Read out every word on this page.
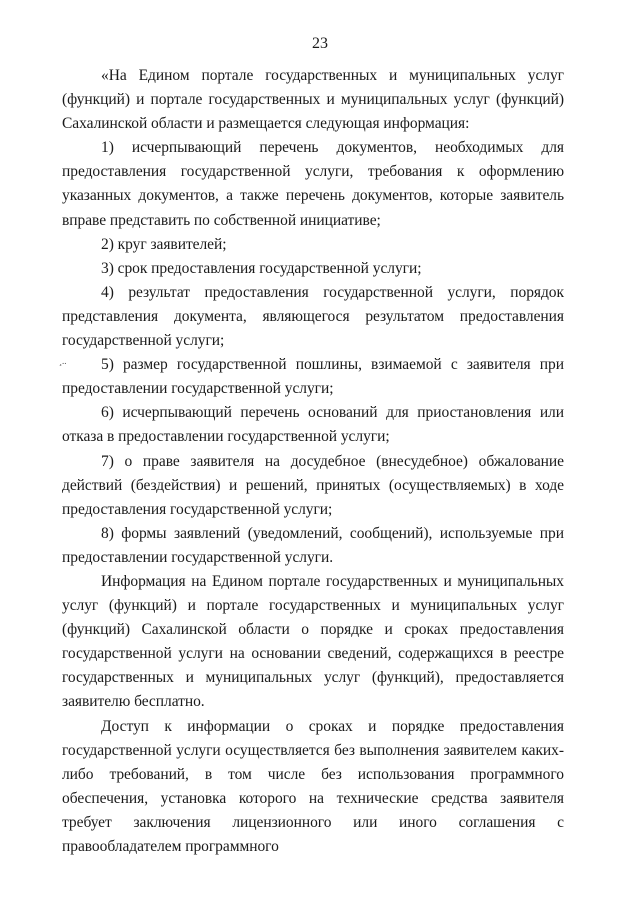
23
¸..

«На Едином портале государственных и муниципальных услуг (функций) и портале государственных и муниципальных услуг (функций) Сахалинской области и размещается следующая информация:

1) исчерпывающий перечень документов, необходимых для предоставления государственной услуги, требования к оформлению указанных документов, а также перечень документов, которые заявитель вправе представить по собственной инициативе;

2) круг заявителей;

3) срок предоставления государственной услуги;

4) результат предоставления государственной услуги, порядок представления документа, являющегося результатом предоставления государственной услуги;

5) размер государственной пошлины, взимаемой с заявителя при предоставлении государственной услуги;

6) исчерпывающий перечень оснований для приостановления или отказа в предоставлении государственной услуги;

7) о праве заявителя на досудебное (внесудебное) обжалование действий (бездействия) и решений, принятых (осуществляемых) в ходе предоставления государственной услуги;

8) формы заявлений (уведомлений, сообщений), используемые при предоставлении государственной услуги.

Информация на Едином портале государственных и муниципальных услуг (функций) и портале государственных и муниципальных услуг (функций) Сахалинской области о порядке и сроках предоставления государственной услуги на основании сведений, содержащихся в реестре государственных и муниципальных услуг (функций), предоставляется заявителю бесплатно.

Доступ к информации о сроках и порядке предоставления государственной услуги осуществляется без выполнения заявителем каких-либо требований, в том числе без использования программного обеспечения, установка которого на технические средства заявителя требует заключения лицензионного или иного соглашения с правообладателем программного
